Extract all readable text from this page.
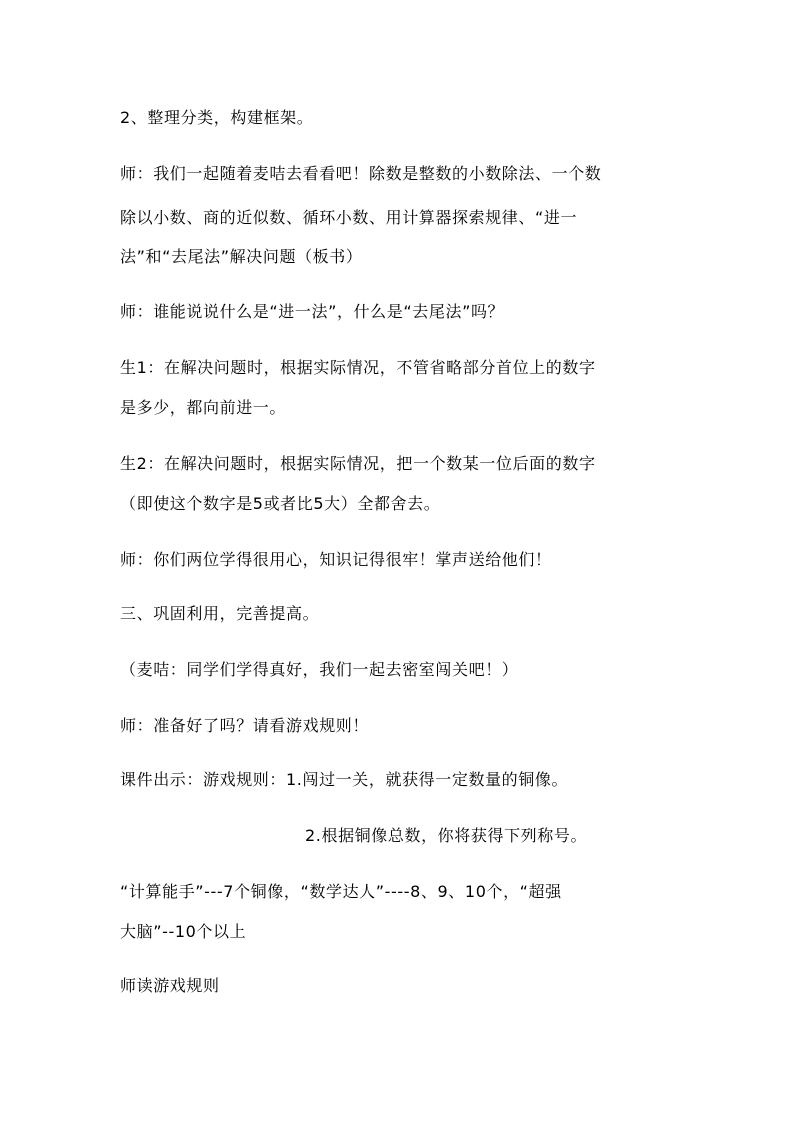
2、整理分类，构建框架。
师：我们一起随着麦咭去看看吧！除数是整数的小数除法、一个数
除以小数、商的近似数、循环小数、用计算器探索规律、“进一
法”和“去尾法”解决问题（板书）
师：谁能说说什么是“进一法”，什么是“去尾法”吗？
生1：在解决问题时，根据实际情况，不管省略部分首位上的数字
是多少，都向前进一。
生2：在解决问题时，根据实际情况，把一个数某一位后面的数字
（即使这个数字是5或者比5大）全都舍去。
师：你们两位学得很用心，知识记得很牢！掌声送给他们！
三、巩固利用，完善提高。
（麦咭：同学们学得真好，我们一起去密室闯关吧！）
师：准备好了吗？请看游戏规则！
课件出示：游戏规则：1.闯过一关，就获得一定数量的铜像。
2.根据铜像总数，你将获得下列称号。
“计算能手”---7个铜像，“数学达人”----8、9、10个，“超强
大脑”--10个以上
师读游戏规则
